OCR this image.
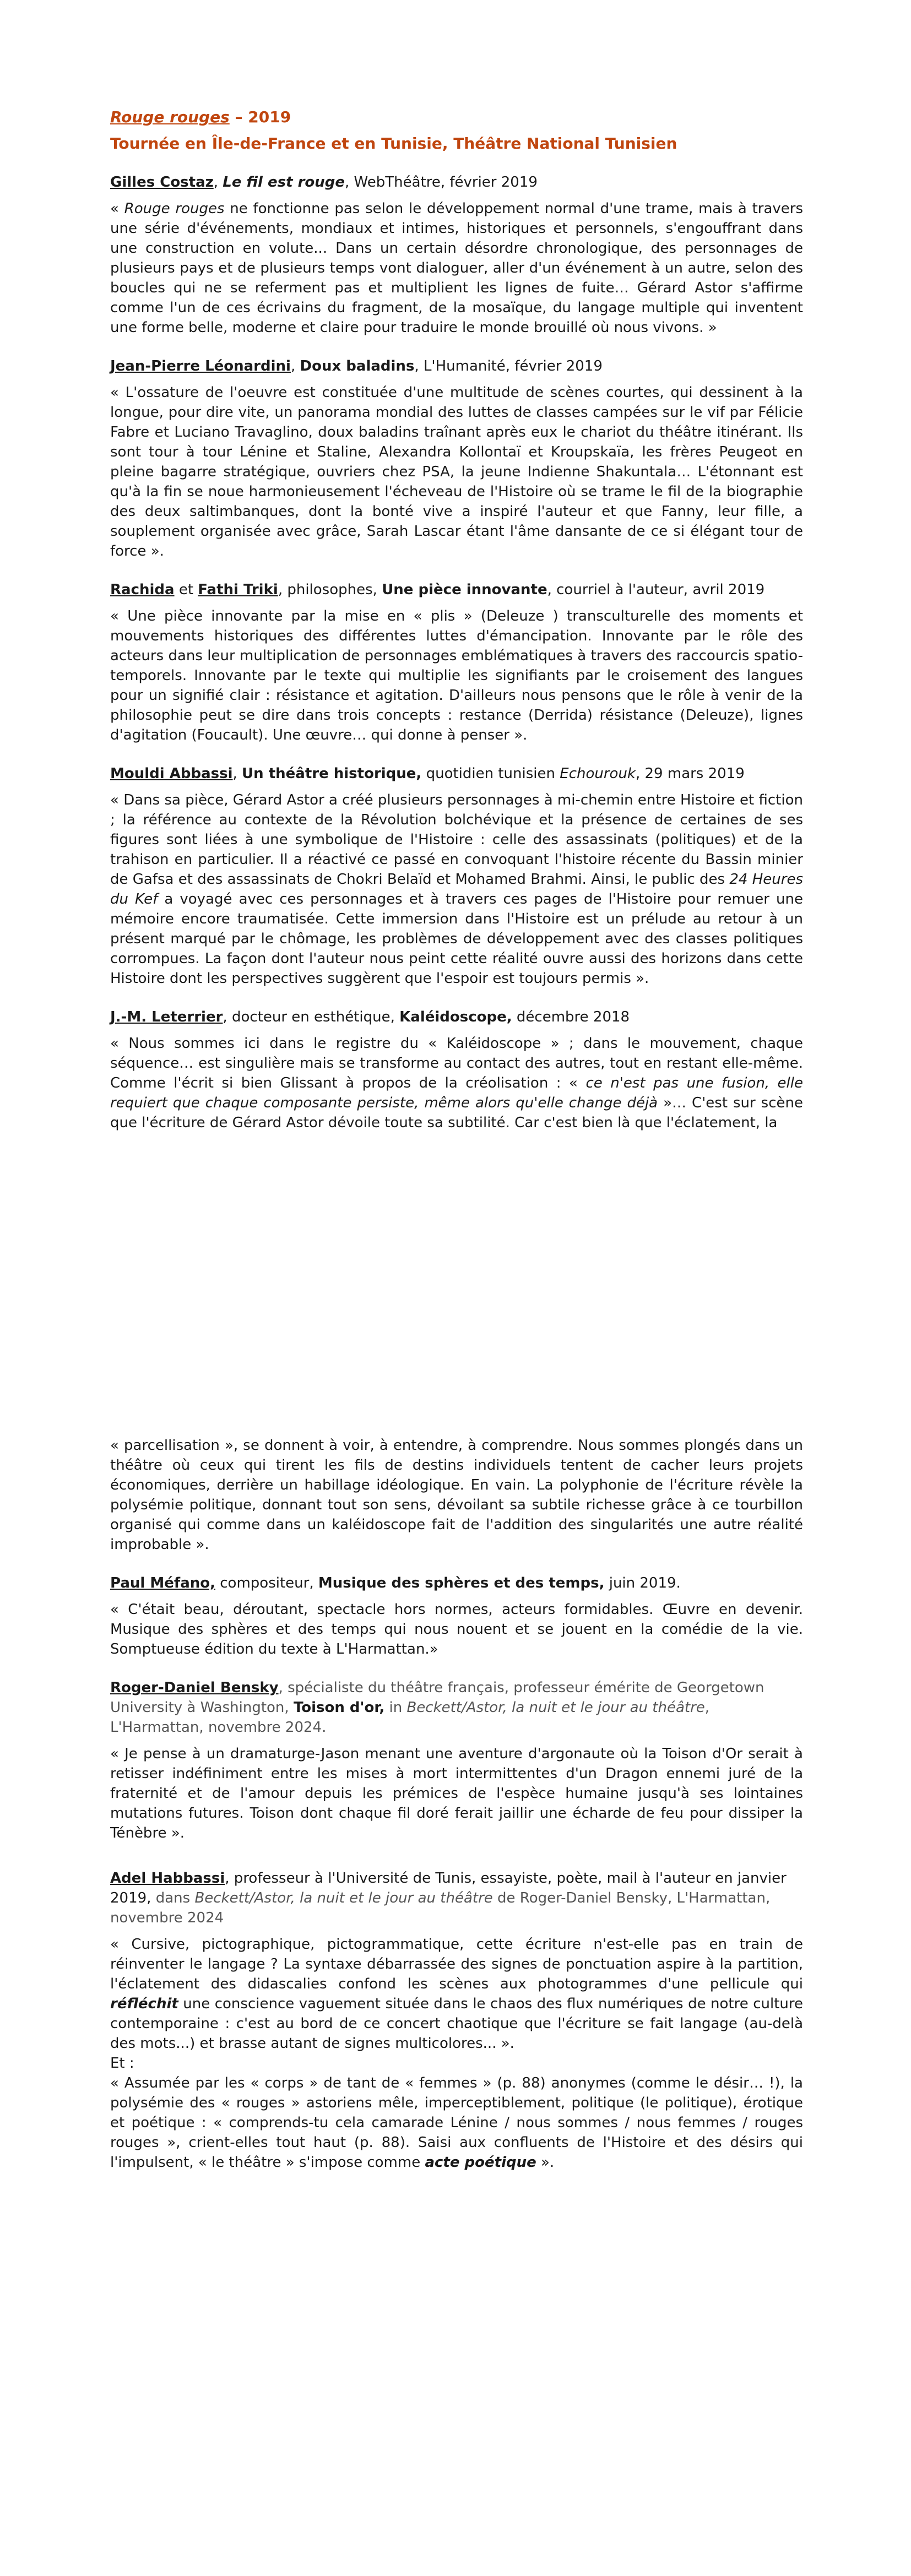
Rouge rouges – 2019

Tournée en Île-de-France et en Tunisie, Théâtre National Tunisien

Gilles Costaz, Le fil est rouge, WebThéâtre, février 2019

« Rouge rouges ne fonctionne pas selon le développement normal d'une trame, mais à travers une série d'événements, mondiaux et intimes, historiques et personnels, s'engouffrant dans une construction en volute... Dans un certain désordre chronologique, des personnages de plusieurs pays et de plusieurs temps vont dialoguer, aller d'un événement à un autre, selon des boucles qui ne se referment pas et multiplient les lignes de fuite… Gérard Astor s'affirme comme l'un de ces écrivains du fragment, de la mosaïque, du langage multiple qui inventent une forme belle, moderne et claire pour traduire le monde brouillé où nous vivons. »

Jean-Pierre Léonardini, Doux baladins, L'Humanité, février 2019

« L'ossature de l'oeuvre est constituée d'une multitude de scènes courtes, qui dessinent à la longue, pour dire vite, un panorama mondial des luttes de classes campées sur le vif par Félicie Fabre et Luciano Travaglino, doux baladins traînant après eux le chariot du théâtre itinérant. Ils sont tour à tour Lénine et Staline, Alexandra Kollontaï et Kroupskaïa, les frères Peugeot en pleine bagarre stratégique, ouvriers chez PSA, la jeune Indienne Shakuntala… L'étonnant est qu'à la fin se noue harmonieusement l'écheveau de l'Histoire où se trame le fil de la biographie des deux saltimbanques, dont la bonté vive a inspiré l'auteur et que Fanny, leur fille, a souplement organisée avec grâce, Sarah Lascar étant l'âme dansante de ce si élégant tour de force ».

Rachida et Fathi Triki, philosophes, Une pièce innovante, courriel à l'auteur, avril 2019

« Une pièce innovante par la mise en « plis » (Deleuze ) transculturelle des moments et mouvements historiques des différentes luttes d'émancipation. Innovante par le rôle des acteurs dans leur multiplication de personnages emblématiques à travers des raccourcis spatio-temporels. Innovante par le texte qui multiplie les signifiants par le croisement des langues pour un signifié clair : résistance et agitation. D'ailleurs nous pensons que le rôle à venir de la philosophie peut se dire dans trois concepts : restance (Derrida) résistance (Deleuze), lignes d'agitation (Foucault). Une œuvre… qui donne à penser ».

Mouldi Abbassi, Un théâtre historique, quotidien tunisien Echourouk, 29 mars 2019

« Dans sa pièce, Gérard Astor a créé plusieurs personnages à mi-chemin entre Histoire et fiction ; la référence au contexte de la Révolution bolchévique et la présence de certaines de ses figures sont liées à une symbolique de l'Histoire : celle des assassinats (politiques) et de la trahison en particulier. Il a réactivé ce passé en convoquant l'histoire récente du Bassin minier de Gafsa et des assassinats de Chokri Belaïd et Mohamed Brahmi. Ainsi, le public des 24 Heures du Kef a voyagé avec ces personnages et à travers ces pages de l'Histoire pour remuer une mémoire encore traumatisée. Cette immersion dans l'Histoire est un prélude au retour à un présent marqué par le chômage, les problèmes de développement avec des classes politiques corrompues. La façon dont l'auteur nous peint cette réalité ouvre aussi des horizons dans cette Histoire dont les perspectives suggèrent que l'espoir est toujours permis ».

J.-M. Leterrier, docteur en esthétique, Kaléidoscope, décembre 2018

« Nous sommes ici dans le registre du « Kaléidoscope » ; dans le mouvement, chaque séquence… est singulière mais se transforme au contact des autres, tout en restant elle-même. Comme l'écrit si bien Glissant à propos de la créolisation : « ce n'est pas une fusion, elle requiert que chaque composante persiste, même alors qu'elle change déjà »… C'est sur scène que l'écriture de Gérard Astor dévoile toute sa subtilité. Car c'est bien là que l'éclatement, la

« parcellisation », se donnent à voir, à entendre, à comprendre. Nous sommes plongés dans un théâtre où ceux qui tirent les fils de destins individuels tentent de cacher leurs projets économiques, derrière un habillage idéologique. En vain. La polyphonie de l'écriture révèle la polysémie politique, donnant tout son sens, dévoilant sa subtile richesse grâce à ce tourbillon organisé qui comme dans un kaléidoscope fait de l'addition des singularités une autre réalité improbable ».

Paul Méfano, compositeur, Musique des sphères et des temps, juin 2019.

« C'était beau, déroutant, spectacle hors normes, acteurs formidables. Œuvre en devenir. Musique des sphères et des temps qui nous nouent et se jouent en la comédie de la vie. Somptueuse édition du texte à L'Harmattan.»

Roger-Daniel Bensky, spécialiste du théâtre français, professeur émérite de Georgetown University à Washington, Toison d'or, in Beckett/Astor, la nuit et le jour au théâtre, L'Harmattan, novembre 2024.

« Je pense à un dramaturge-Jason menant une aventure d'argonaute où la Toison d'Or serait à retisser indéfiniment entre les mises à mort intermittentes d'un Dragon ennemi juré de la fraternité et de l'amour depuis les prémices de l'espèce humaine jusqu'à ses lointaines mutations futures. Toison dont chaque fil doré ferait jaillir une écharde de feu pour dissiper la Ténèbre ».

Adel Habbassi, professeur à l'Université de Tunis, essayiste, poète, mail à l'auteur en janvier 2019, dans Beckett/Astor, la nuit et le jour au théâtre de Roger-Daniel Bensky, L'Harmattan, novembre 2024

« Cursive, pictographique, pictogrammatique, cette écriture n'est-elle pas en train de réinventer le langage ? La syntaxe débarrassée des signes de ponctuation aspire à la partition, l'éclatement des didascalies confond les scènes aux photogrammes d'une pellicule qui réfléchit une conscience vaguement située dans le chaos des flux numériques de notre culture contemporaine : c'est au bord de ce concert chaotique que l'écriture se fait langage (au-delà des mots...) et brasse autant de signes multicolores... ».

Et :

« Assumée par les « corps » de tant de « femmes » (p. 88) anonymes (comme le désir… !), la polysémie des « rouges » astoriens mêle, imperceptiblement, politique (le politique), érotique et poétique : « comprends-tu cela camarade Lénine / nous sommes / nous femmes / rouges rouges », crient-elles tout haut (p. 88). Saisi aux confluents de l'Histoire et des désirs qui l'impulsent, « le théâtre » s'impose comme acte poétique ».
